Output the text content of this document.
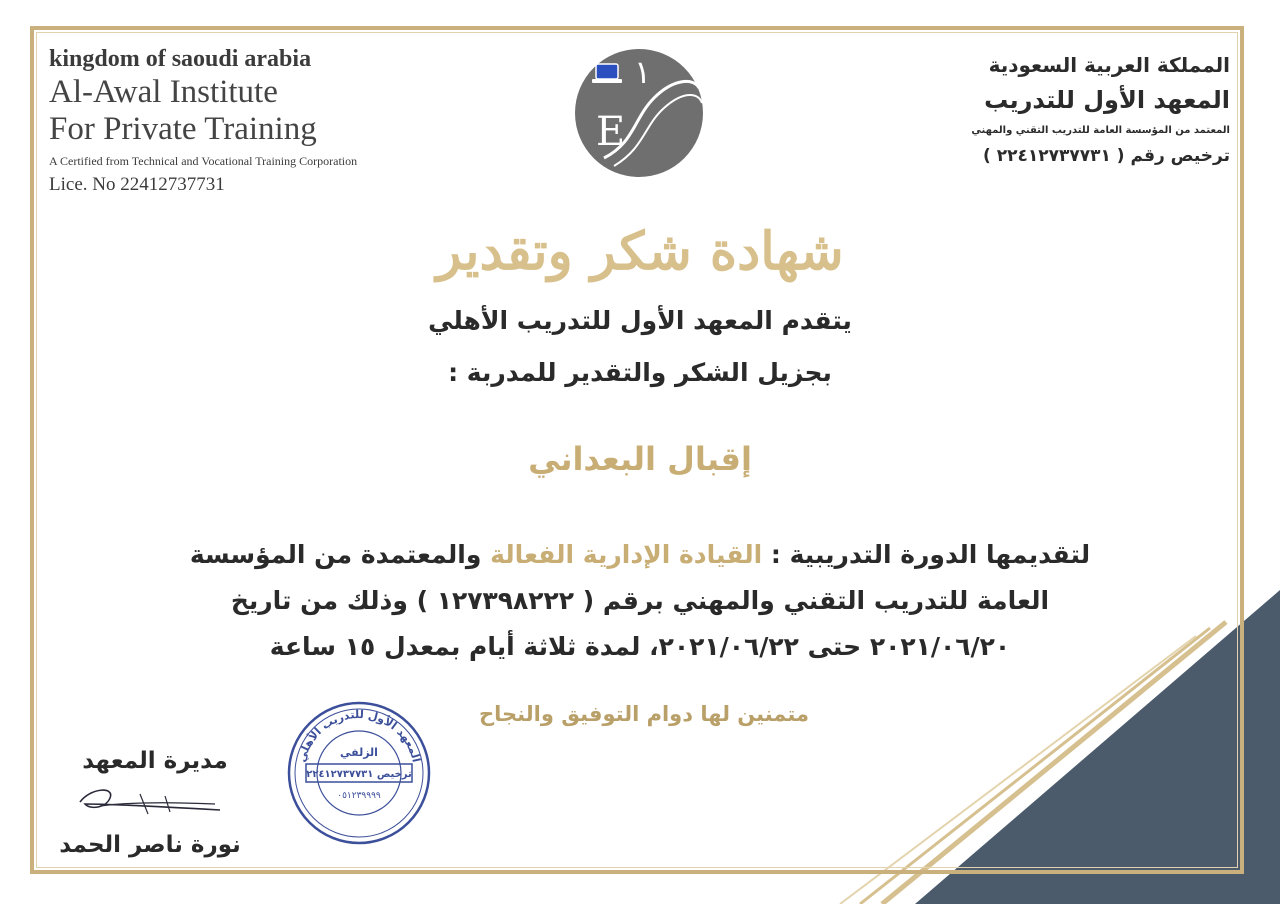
kingdom of saoudi arabia
Al-Awal Institute
For Private Training
A Certified from Technical and Vocational Training Corporation
Lice. No 22412737731
المملكة العربية السعودية
المعهد الأول للتدريب
المعتمد من المؤسسة العامة للتدريب التقني والمهني
ترخيص رقم ( ٢٢٤١٢٧٣٧٧٣١ )
١
E
شهادة شكر وتقدير
يتقدم المعهد الأول للتدريب الأهلي
بجزيل الشكر والتقدير للمدربة :
إقبال البعداني
لتقديمها الدورة التدريبية : القيادة الإدارية الفعالة والمعتمدة من المؤسسة
العامة للتدريب التقني والمهني برقم ( ١٢٧٣٩٨٢٢٢ ) وذلك من تاريخ
٢٠٢١/٠٦/٢٠ حتى ٢٠٢١/٠٦/٢٢، لمدة ثلاثة أيام بمعدل ١٥ ساعة
متمنين لها دوام التوفيق والنجاح
المعهد الأول للتدريب الأهلي
الزلفي
ترخيص ٢٢٤١٢٧٣٧٧٣١
٠٥١٢٣٩٩٩٩
مديرة المعهد
نورة ناصر الحمد
